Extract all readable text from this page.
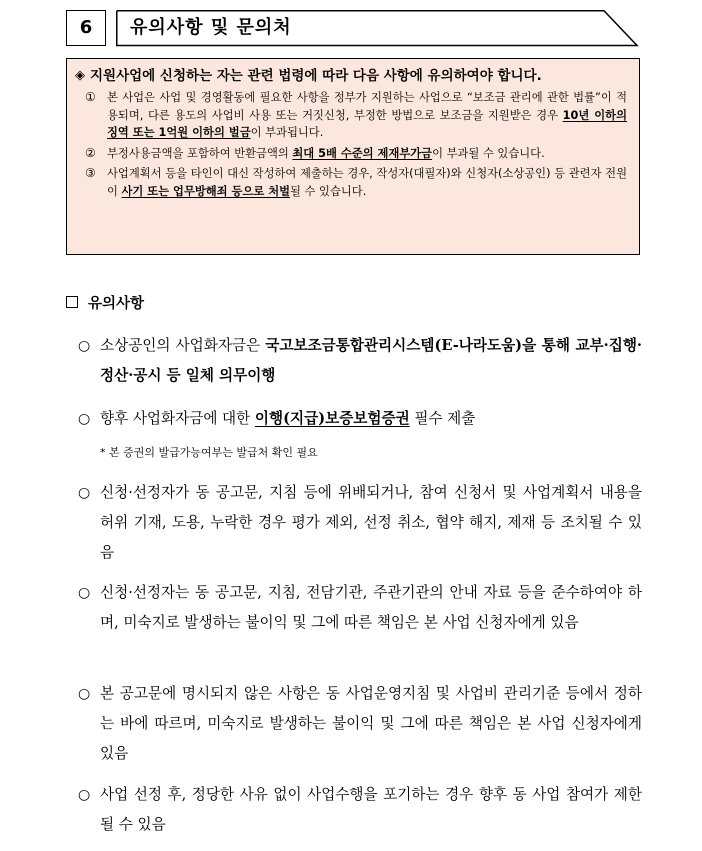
6	유의사항 및 문의처
◈ 지원사업에 신청하는 자는 관련 법령에 따라 다음 사항에 유의하여야 합니다.
① 본 사업은 사업 및 경영활동에 필요한 사항을 정부가 지원하는 사업으로 “보조금 관리에 관한 법률”이 적용되며, 다른 용도의 사업비 사용 또는 거짓신청, 부정한 방법으로 보조금을 지원받은 경우 10년 이하의 징역 또는 1억원 이하의 벌금이 부과됩니다.
② 부정사용금액을 포함하여 반환금액의 최대 5배 수준의 제재부가금이 부과될 수 있습니다.
③ 사업계획서 등을 타인이 대신 작성하여 제출하는 경우, 작성자(대필자)와 신청자(소상공인) 등 관련자 전원이 사기 또는 업무방해죄 등으로 처벌될 수 있습니다.
유의사항
○ 소상공인의 사업화자금은 국고보조금통합관리시스템(E-나라도움)을 통해 교부·집행·정산·공시 등 일체 의무이행
○ 향후 사업화자금에 대한 이행(지급)보증보험증권 필수 제출
* 본 증권의 발급가능여부는 발급처 확인 필요
○ 신청·선정자가 동 공고문, 지침 등에 위배되거나, 참여 신청서 및 사업계획서 내용을 허위 기재, 도용, 누락한 경우 평가 제외, 선정 취소, 협약 해지, 제재 등 조치될 수 있음
○ 신청·선정자는 동 공고문, 지침, 전담기관, 주관기관의 안내 자료 등을 준수하여야 하며, 미숙지로 발생하는 불이익 및 그에 따른 책임은 본 사업 신청자에게 있음
○ 본 공고문에 명시되지 않은 사항은 동 사업운영지침 및 사업비 관리기준 등에서 정하는 바에 따르며, 미숙지로 발생하는 불이익 및 그에 따른 책임은 본 사업 신청자에게 있음
○ 사업 선정 후, 정당한 사유 없이 사업수행을 포기하는 경우 향후 동 사업 참여가 제한될 수 있음
